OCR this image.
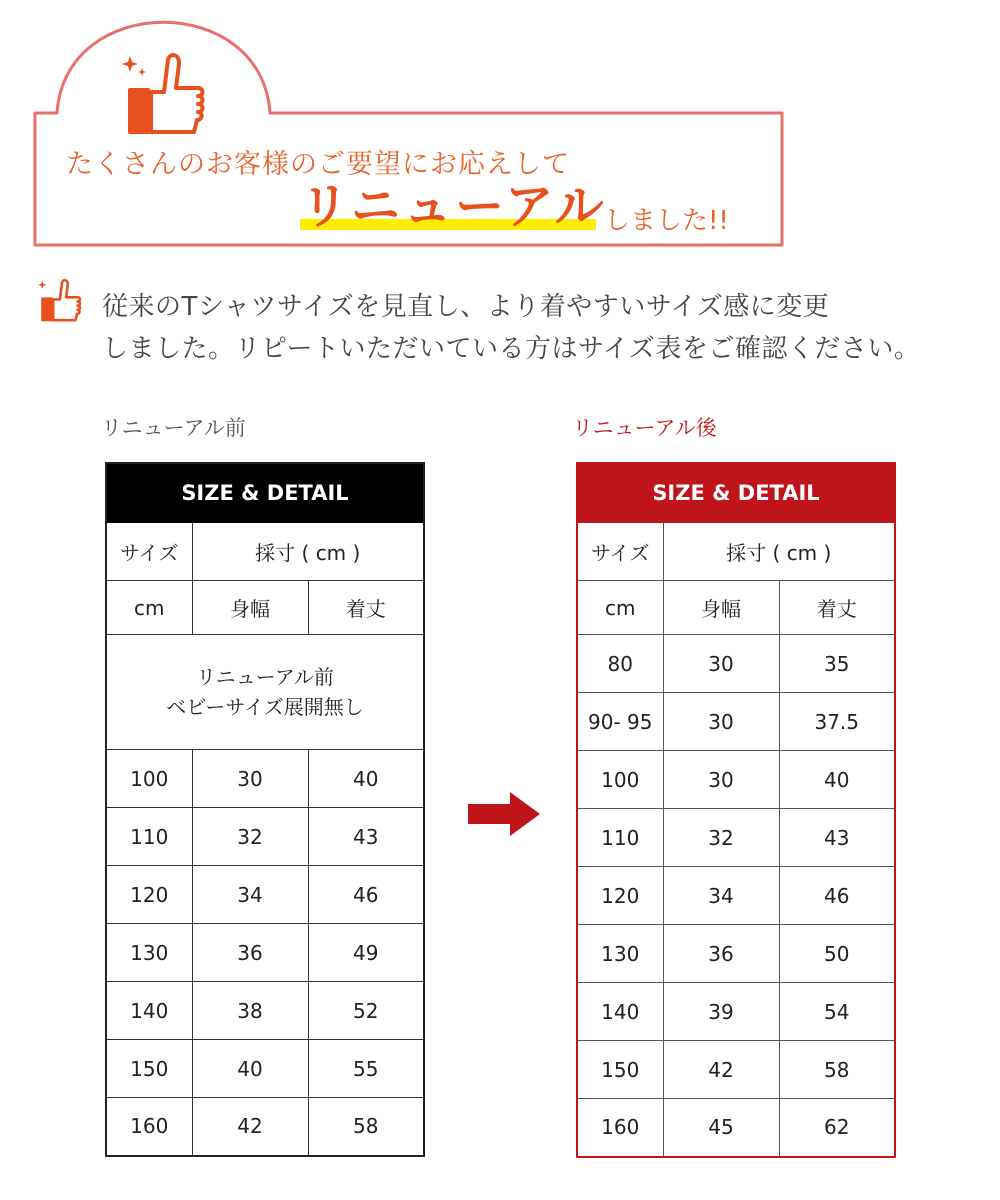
たくさんのお客様のご要望にお応えして
リニューアル
しました!!
従来のTシャツサイズを見直し、より着やすいサイズ感に変更
しました。リピートいただいている方はサイズ表をご確認ください。
リニューアル前
SIZE & DETAIL		
サイズ	採寸 ( cm )	
cm	身幅	着丈

リニューアル前
ベビーサイズ展開無し		

100	30	40
110	32	43
120	34	46
130	36	49
140	38	52
150	40	55
160	42	58
リニューアル後
SIZE & DETAIL		
サイズ	採寸 ( cm )	
cm	身幅	着丈
80	30	35
90- 95	30	37.5
100	30	40
110	32	43
120	34	46
130	36	50
140	39	54
150	42	58
160	45	62
